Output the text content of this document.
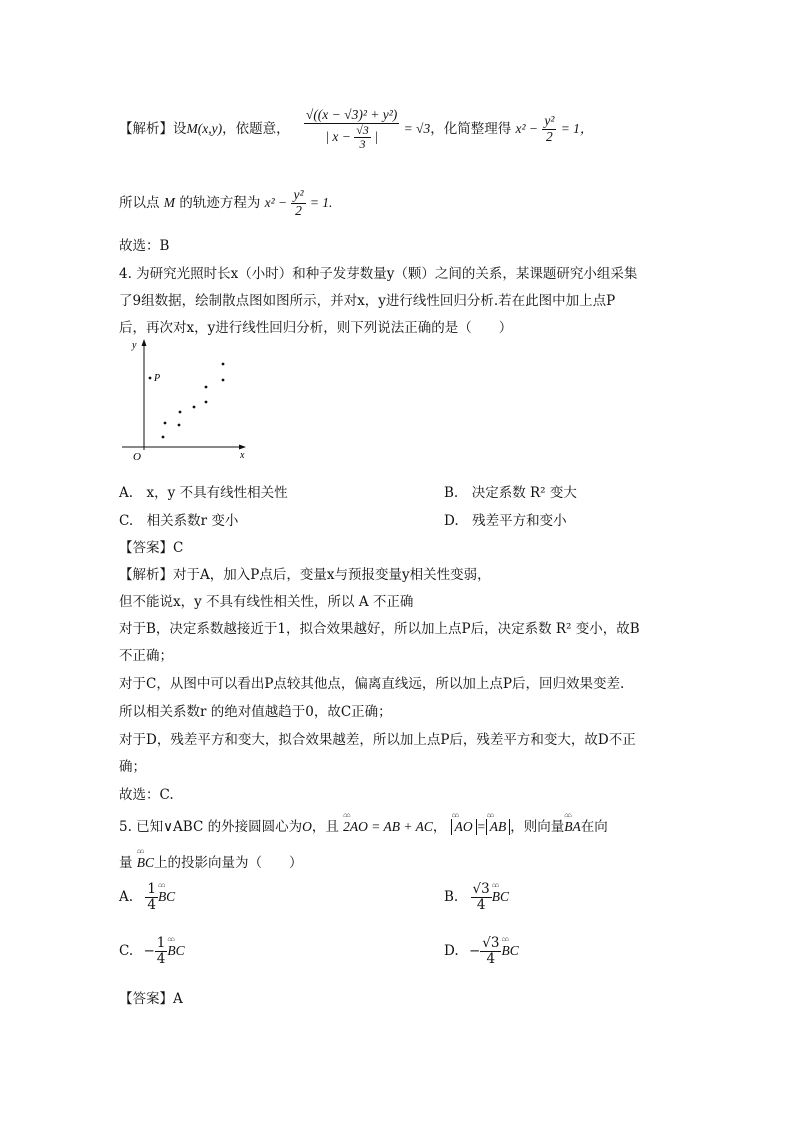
【解析】设M(x,y)，依题意， $\frac{\text{√((x − √3)² + y²)}}{| x - \frac{√3}{3} |} = √3$，化简整理得 $x^2 - \frac{\text{y²}}{2} = 1$，
所以点 M 的轨迹方程为 $x^2 - \frac{\text{y²}}{2} = 1$.
故选：B
4. 为研究光照时长x（小时）和种子发芽数量y（颗）之间的关系，某课题研究小组采集
了9组数据，绘制散点图如图所示，并对x，y进行线性回归分析.若在此图中加上点P
后，再次对x，y进行线性回归分析，则下列说法正确的是（　　）
y
x
O
P
A.　x，y 不具有线性相关性	B.　决定系数 R² 变大
C.　相关系数r 变小	D.　残差平方和变小
【答案】C
【解析】对于A，加入P点后，变量x与预报变量y相关性变弱，
但不能说x，y 不具有线性相关性，所以 A 不正确
对于B，决定系数越接近于1，拟合效果越好，所以加上点P后，决定系数 R² 变小，故B
不正确；
对于C，从图中可以看出P点较其他点，偏离直线远，所以加上点P后，回归效果变差.
所以相关系数r 的绝对值越趋于0，故C正确；
对于D，残差平方和变大，拟合效果越差，所以加上点P后，残差平方和变大，故D不正
确；
故选：C.
5. 已知∨ABC 的外接圆圆心为O，且 ⌂⌂ 2AO = AB + AC， ⌂⌂ AO = ⌂⌂ AB ，则向量⌂⌂ BA在向
量 ⌂⌂ BC上的投影向量为（　　）
A. $\frac{1}{4}$ ⌂⌂ BC	B. $\frac{√3}{4}$ ⌂⌂ BC
C. − $\frac{1}{4}$ ⌂⌂ BC	D. − $\frac{√3}{4}$ ⌂⌂ BC
【答案】A
